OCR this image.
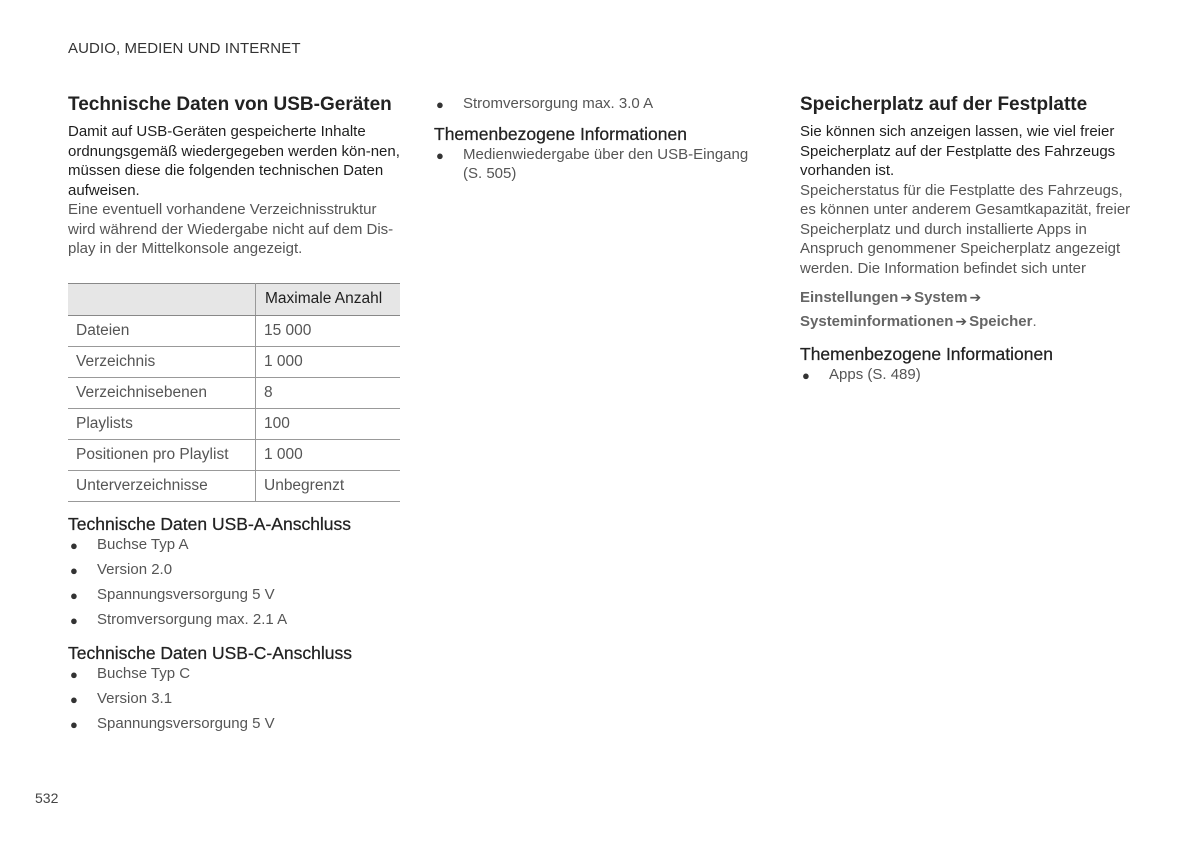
AUDIO, MEDIEN UND INTERNET
Technische Daten von USB-Geräten

Damit auf USB-Geräten gespeicherte Inhalte ordnungsgemäß wiedergegeben werden kön-nen, müssen diese die folgenden technischen Daten aufweisen.

Eine eventuell vorhandene Verzeichnisstruktur wird während der Wiedergabe nicht auf dem Dis-play in der Mittelkonsole angezeigt.

	Maximale Anzahl
Dateien	15 000
Verzeichnis	1 000
Verzeichnisebenen	8
Playlists	100
Positionen pro Playlist	1 000
Unterverzeichnisse	Unbegrenzt
Technische Daten USB-A-Anschluss
● Buchse Typ A
● Version 2.0
● Spannungsversorgung 5 V
● Stromversorgung max. 2.1 A
Technische Daten USB-C-Anschluss
● Buchse Typ C
● Version 3.1
● Spannungsversorgung 5 V
● Stromversorgung max. 3.0 A
Themenbezogene Informationen
● Medienwiedergabe über den USB-Eingang (S. 505)
Speicherplatz auf der Festplatte

Sie können sich anzeigen lassen, wie viel freier Speicherplatz auf der Festplatte des Fahrzeugs vorhanden ist.

Speicherstatus für die Festplatte des Fahrzeugs, es können unter anderem Gesamtkapazität, freier Speicherplatz und durch installierte Apps in Anspruch genommener Speicherplatz angezeigt werden. Die Information befindet sich unter

Einstellungen ➔ System ➔
Systeminformationen ➔ Speicher.
Themenbezogene Informationen
● Apps (S. 489)
532
